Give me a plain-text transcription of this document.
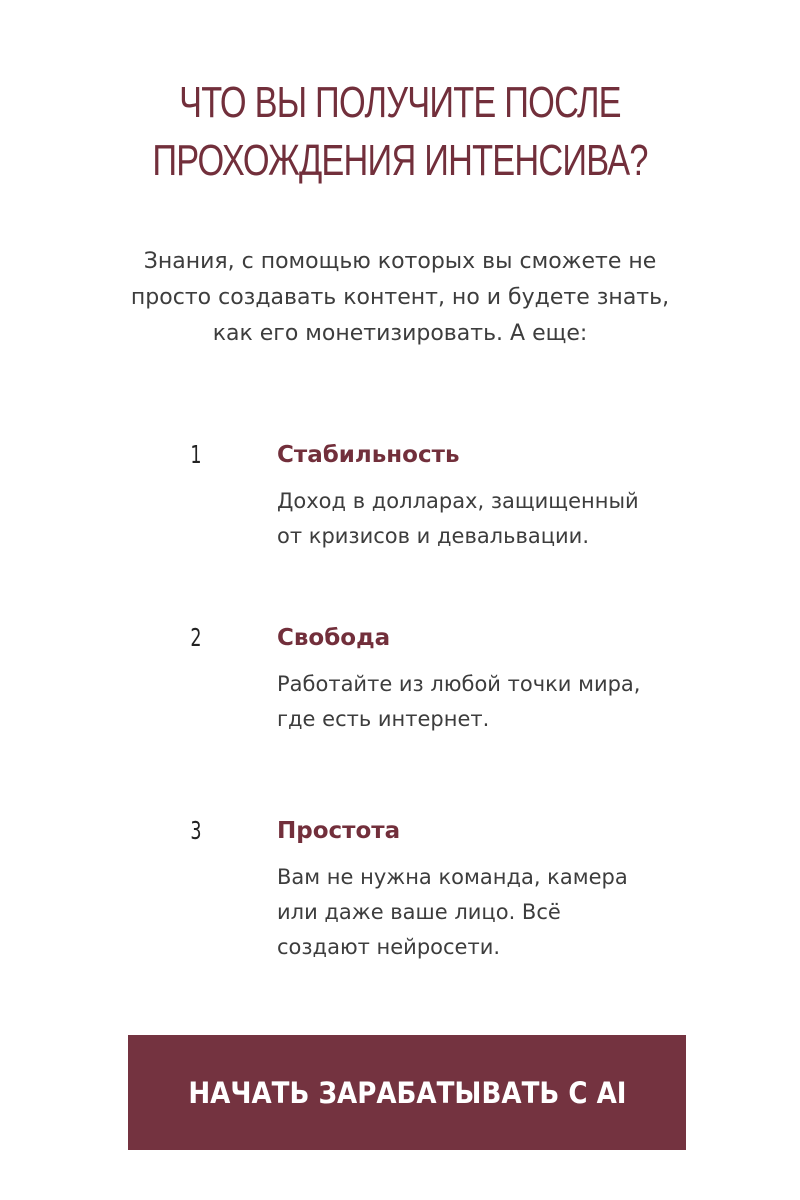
ЧТО ВЫ ПОЛУЧИТЕ ПОСЛЕ
ПРОХОЖДЕНИЯ ИНТЕНСИВА?

Знания, с помощью которых вы сможете не
просто создавать контент, но и будете знать,
как его монетизировать. А еще:

1	Стабильность

Доход в долларах, защищенный
от кризисов и девальвации.

2	Свобода

Работайте из любой точки мира,
где есть интернет.

3	Простота

Вам не нужна команда, камера
или даже ваше лицо. Всё
создают нейросети.

НАЧАТЬ ЗАРАБАТЫВАТЬ С AI
